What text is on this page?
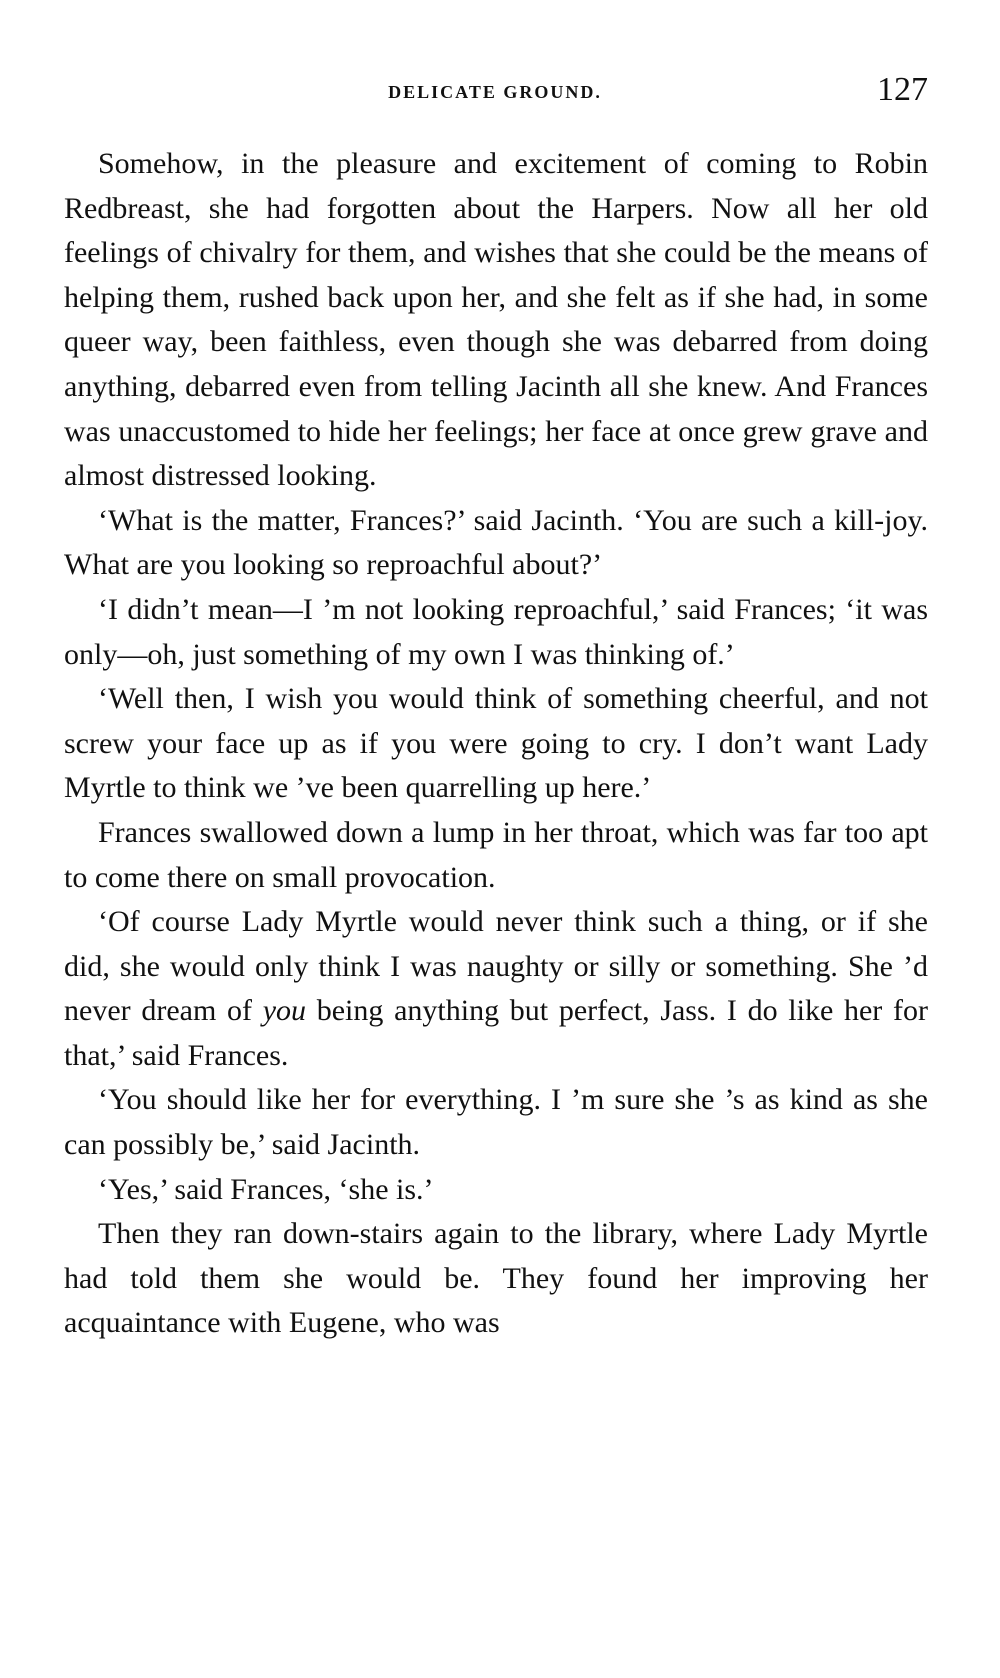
DELICATE GROUND.	127

Somehow, in the pleasure and excitement of coming to Robin Redbreast, she had forgotten about the Harpers. Now all her old feelings of chivalry for them, and wishes that she could be the means of helping them, rushed back upon her, and she felt as if she had, in some queer way, been faithless, even though she was debarred from doing anything, debarred even from telling Jacinth all she knew. And Frances was unaccustomed to hide her feelings; her face at once grew grave and almost distressed looking.

‘What is the matter, Frances?’ said Jacinth. ‘You are such a kill-joy. What are you looking so reproachful about?’

‘I didn’t mean—I ’m not looking reproachful,’ said Frances; ‘it was only—oh, just something of my own I was thinking of.’

‘Well then, I wish you would think of something cheerful, and not screw your face up as if you were going to cry. I don’t want Lady Myrtle to think we ’ve been quarrelling up here.’

Frances swallowed down a lump in her throat, which was far too apt to come there on small provocation.

‘Of course Lady Myrtle would never think such a thing, or if she did, she would only think I was naughty or silly or something. She ’d never dream of you being anything but perfect, Jass. I do like her for that,’ said Frances.

‘You should like her for everything. I ’m sure she ’s as kind as she can possibly be,’ said Jacinth.

‘Yes,’ said Frances, ‘she is.’

Then they ran down-stairs again to the library, where Lady Myrtle had told them she would be. They found her improving her acquaintance with Eugene, who was
